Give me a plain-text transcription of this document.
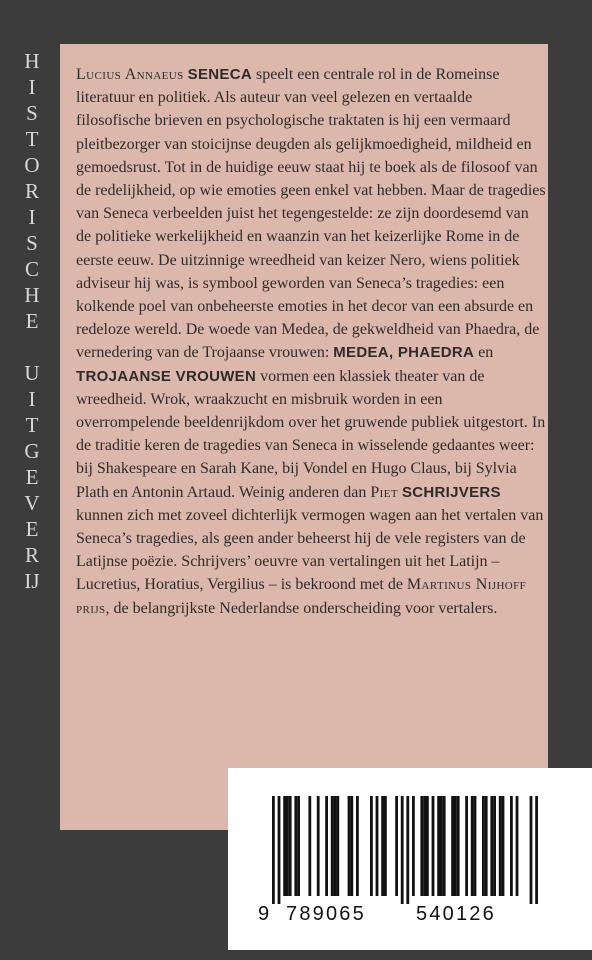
H
I
S
T
O
R
I
S
C
H
E
U
I
T
G
E
V
E
R
IJ
Lucius Annaeus SENECA speelt een centrale rol in de Romeinse literatuur en politiek. Als auteur van veel gelezen en vertaalde filosofische brieven en psychologische traktaten is hij een vermaard pleitbezorger van stoicijnse deugden als gelijkmoedigheid, mildheid en gemoedsrust. Tot in de huidige eeuw staat hij te boek als de filosoof van de redelijkheid, op wie emoties geen enkel vat hebben. Maar de tragedies van Seneca verbeelden juist het tegengestelde: ze zijn doordesemd van de politieke werkelijkheid en waanzin van het keizerlijke Rome in de eerste eeuw. De uitzinnige wreedheid van keizer Nero, wiens politiek adviseur hij was, is symbool geworden van Seneca’s tragedies: een kolkende poel van onbeheerste emoties in het decor van een absurde en redeloze wereld. De woede van Medea, de gekweldheid van Phaedra, de vernedering van de Trojaanse vrouwen: MEDEA, PHAEDRA en TROJAANSE VROUWEN vormen een klassiek theater van de wreedheid. Wrok, wraakzucht en misbruik worden in een overrompelende beeldenrijkdom over het gruwende publiek uitgestort. In de traditie keren de tragedies van Seneca in wisselende gedaantes weer: bij Shakespeare en Sarah Kane, bij Vondel en Hugo Claus, bij Sylvia Plath en Antonin Artaud. Weinig anderen dan Piet SCHRIJVERS kunnen zich met zoveel dichterlijk vermogen wagen aan het vertalen van Seneca’s tragedies, als geen ander beheerst hij de vele registers van de Latijnse poëzie. Schrijvers’ oeuvre van vertalingen uit het Latijn – Lucretius, Horatius, Vergilius – is bekroond met de Martinus Nijhoff prijs, de belangrijkste Nederlandse onderscheiding voor vertalers.
9 789065	540126
